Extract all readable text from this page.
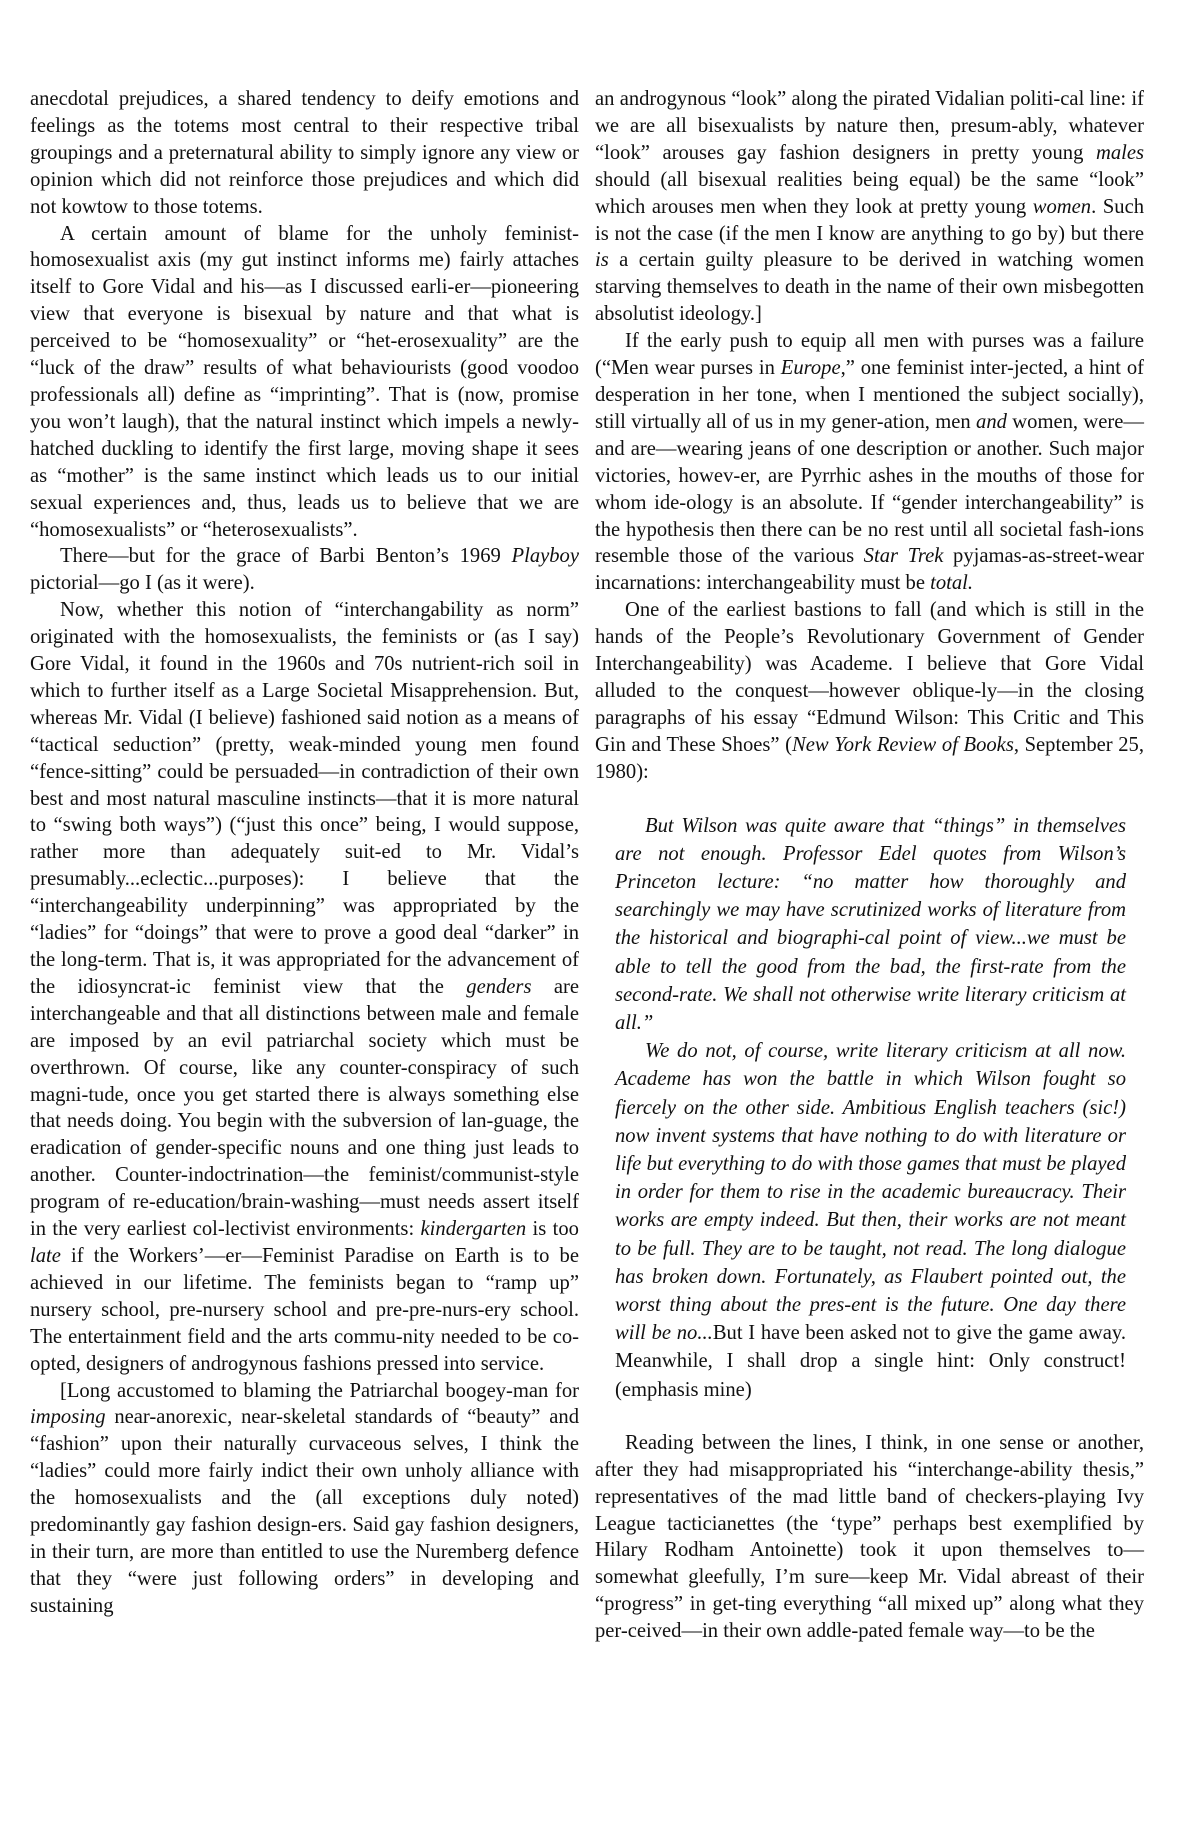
anecdotal prejudices, a shared tendency to deify emotions and feelings as the totems most central to their respective tribal groupings and a preternatural ability to simply ignore any view or opinion which did not reinforce those prejudices and which did not kowtow to those totems.

A certain amount of blame for the unholy feminist-homosexualist axis (my gut instinct informs me) fairly attaches itself to Gore Vidal and his—as I discussed earli-er—pioneering view that everyone is bisexual by nature and that what is perceived to be “homosexuality” or “het-erosexuality” are the “luck of the draw” results of what behaviourists (good voodoo professionals all) define as “imprinting”. That is (now, promise you won’t laugh), that the natural instinct which impels a newly-hatched duckling to identify the first large, moving shape it sees as “mother” is the same instinct which leads us to our initial sexual experiences and, thus, leads us to believe that we are “homosexualists” or “heterosexualists”.

There—but for the grace of Barbi Benton’s 1969 Playboy pictorial—go I (as it were).

Now, whether this notion of “interchangability as norm” originated with the homosexualists, the feminists or (as I say) Gore Vidal, it found in the 1960s and 70s nutrient-rich soil in which to further itself as a Large Societal Misapprehension. But, whereas Mr. Vidal (I believe) fashioned said notion as a means of “tactical seduction” (pretty, weak-minded young men found “fence-sitting” could be persuaded—in contradiction of their own best and most natural masculine instincts—that it is more natural to “swing both ways”) (“just this once” being, I would suppose, rather more than adequately suit-ed to Mr. Vidal’s presumably...eclectic...purposes): I believe that the “interchangeability underpinning” was appropriated by the “ladies” for “doings” that were to prove a good deal “darker” in the long-term. That is, it was appropriated for the advancement of the idiosyncrat-ic feminist view that the genders are interchangeable and that all distinctions between male and female are imposed by an evil patriarchal society which must be overthrown. Of course, like any counter-conspiracy of such magni-tude, once you get started there is always something else that needs doing. You begin with the subversion of lan-guage, the eradication of gender-specific nouns and one thing just leads to another. Counter-indoctrination—the feminist/communist-style program of re-education/brain-washing—must needs assert itself in the very earliest col-lectivist environments: kindergarten is too late if the Workers’—er—Feminist Paradise on Earth is to be achieved in our lifetime. The feminists began to “ramp up” nursery school, pre-nursery school and pre-pre-nurs-ery school. The entertainment field and the arts commu-nity needed to be co-opted, designers of androgynous fashions pressed into service.

[Long accustomed to blaming the Patriarchal boogey-man for imposing near-anorexic, near-skeletal standards of “beauty” and “fashion” upon their naturally curvaceous selves, I think the “ladies” could more fairly indict their own unholy alliance with the homosexualists and the (all exceptions duly noted) predominantly gay fashion design-ers. Said gay fashion designers, in their turn, are more than entitled to use the Nuremberg defence that they “were just following orders” in developing and sustaining

an androgynous “look” along the pirated Vidalian politi-cal line: if we are all bisexualists by nature then, presum-ably, whatever “look” arouses gay fashion designers in pretty young males should (all bisexual realities being equal) be the same “look” which arouses men when they look at pretty young women. Such is not the case (if the men I know are anything to go by) but there is a certain guilty pleasure to be derived in watching women starving themselves to death in the name of their own misbegotten absolutist ideology.]

If the early push to equip all men with purses was a failure (“Men wear purses in Europe,” one feminist inter-jected, a hint of desperation in her tone, when I mentioned the subject socially), still virtually all of us in my gener-ation, men and women, were—and are—wearing jeans of one description or another. Such major victories, howev-er, are Pyrrhic ashes in the mouths of those for whom ide-ology is an absolute. If “gender interchangeability” is the hypothesis then there can be no rest until all societal fash-ions resemble those of the various Star Trek pyjamas-as-street-wear incarnations: interchangeability must be total.

One of the earliest bastions to fall (and which is still in the hands of the People’s Revolutionary Government of Gender Interchangeability) was Academe. I believe that Gore Vidal alluded to the conquest—however oblique-ly—in the closing paragraphs of his essay “Edmund Wilson: This Critic and This Gin and These Shoes” (New York Review of Books, September 25, 1980):

But Wilson was quite aware that “things” in themselves are not enough. Professor Edel quotes from Wilson’s Princeton lecture: “no matter how thoroughly and searchingly we may have scrutinized works of literature from the historical and biographi-cal point of view...we must be able to tell the good from the bad, the first-rate from the second-rate. We shall not otherwise write literary criticism at all.”

We do not, of course, write literary criticism at all now. Academe has won the battle in which Wilson fought so fiercely on the other side. Ambitious English teachers (sic!) now invent systems that have nothing to do with literature or life but everything to do with those games that must be played in order for them to rise in the academic bureaucracy. Their works are empty indeed. But then, their works are not meant to be full. They are to be taught, not read. The long dialogue has broken down. Fortunately, as Flaubert pointed out, the worst thing about the pres-ent is the future. One day there will be no...But I have been asked not to give the game away. Meanwhile, I shall drop a single hint: Only construct! (emphasis mine)

Reading between the lines, I think, in one sense or another, after they had misappropriated his “interchange-ability thesis,” representatives of the mad little band of checkers-playing Ivy League tacticianettes (the ‘type” perhaps best exemplified by Hilary Rodham Antoinette) took it upon themselves to—somewhat gleefully, I’m sure—keep Mr. Vidal abreast of their “progress” in get-ting everything “all mixed up” along what they per-ceived—in their own addle-pated female way—to be the
